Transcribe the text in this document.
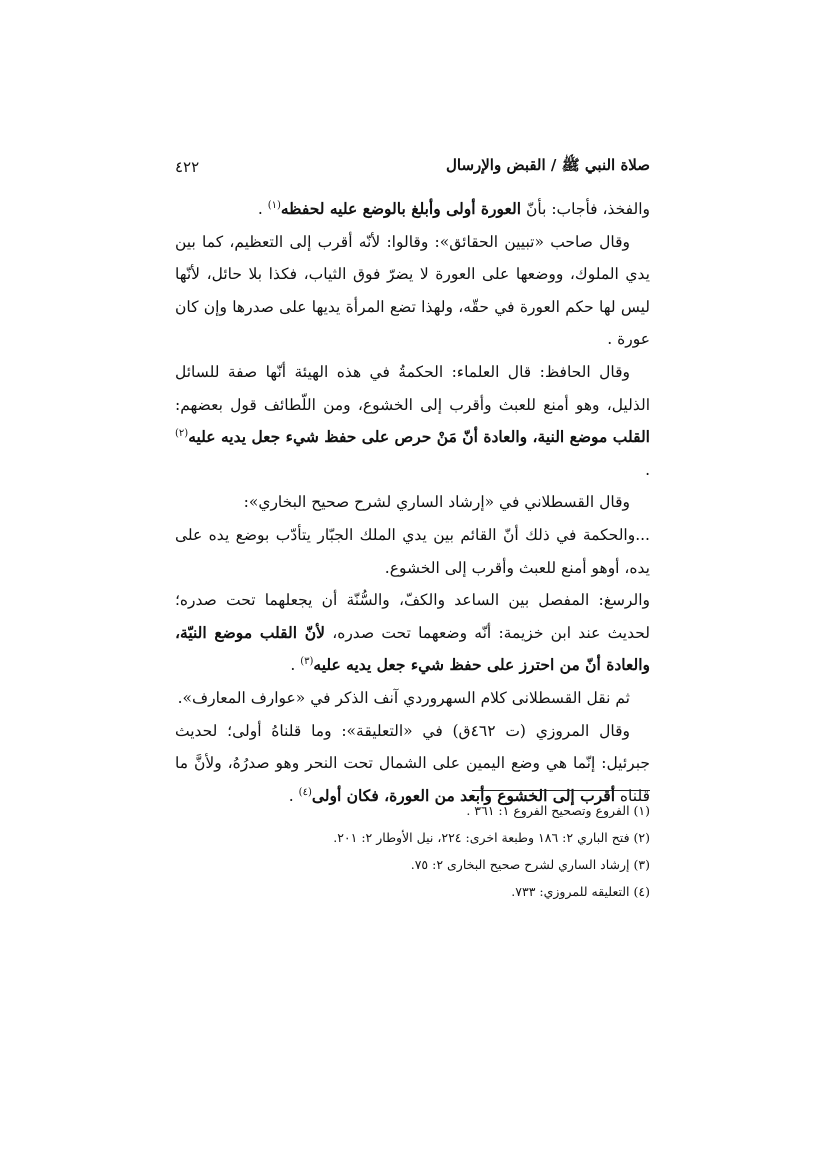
٤٢٢	صلاة النبي ﷺ / القبض والإرسال

والفخذ، فأجاب: بأنّ العورة أولى وأبلغ بالوضع عليه لحفظه$^{(١)}$ .

وقال صاحب «تبيين الحقائق»: وقالوا: لأنّه أقرب إلى التعظيم، كما بين يدي الملوك، ووضعها على العورة لا يضرّ فوق الثياب، فكذا بلا حائل، لأنّها ليس لها حكم العورة في حقّه، ولهذا تضع المرأة يديها على صدرها وإن كان عورة .

وقال الحافظ: قال العلماء: الحكمةُ في هذه الهيئة أنّها صفة للسائل الذليل، وهو أمنع للعبث وأقرب إلى الخشوع، ومن اللّطائف قول بعضهم: القلب موضع النية، والعادة أنّ مَنْ حرص على حفظ شيء جعل يديه عليه$^{(٢)}$ .

وقال القسطلاني في «إرشاد الساري لشرح صحيح البخاري»:

...والحكمة في ذلك أنّ القائم بين يدي الملك الجبّار يتأدّب بوضع يده على يده، أوهو أمنع للعبث وأقرب إلى الخشوع.

والرسغ: المفصل بين الساعد والكفّ، والسُّنّة أن يجعلهما تحت صدره؛ لحديث عند ابن خزيمة: أنّه وضعهما تحت صدره، لأنّ القلب موضع النيّة، والعادة أنّ من احترز على حفظ شيء جعل يديه عليه$^{(٣)}$ .

ثم نقل القسطلانى كلام السهروردي آنف الذكر في «عوارف المعارف».

وقال المروزي (ت ٤٦٢ق) في «التعليقة»: وما قلناهُ أولى؛ لحديث جبرئيل: إنّما هي وضع اليمين على الشمال تحت النحر وهو صدرُهُ، ولأنَّ ما قلناه أقرب إلى الخشوع وأبعد من العورة، فكان أولى$^{(٤)}$ .

(١) الفروع وتصحيح الفروع ١: ٣٦١ .
(٢) فتح الباري ٢: ١٨٦ وطبعة اخرى: ٢٢٤، نيل الأوطار ٢: ٢٠١.
(٣) إرشاد الساري لشرح صحيح البخارى ٢: ٧٥.
(٤) التعليقه للمروزي: ٧٣٣.
